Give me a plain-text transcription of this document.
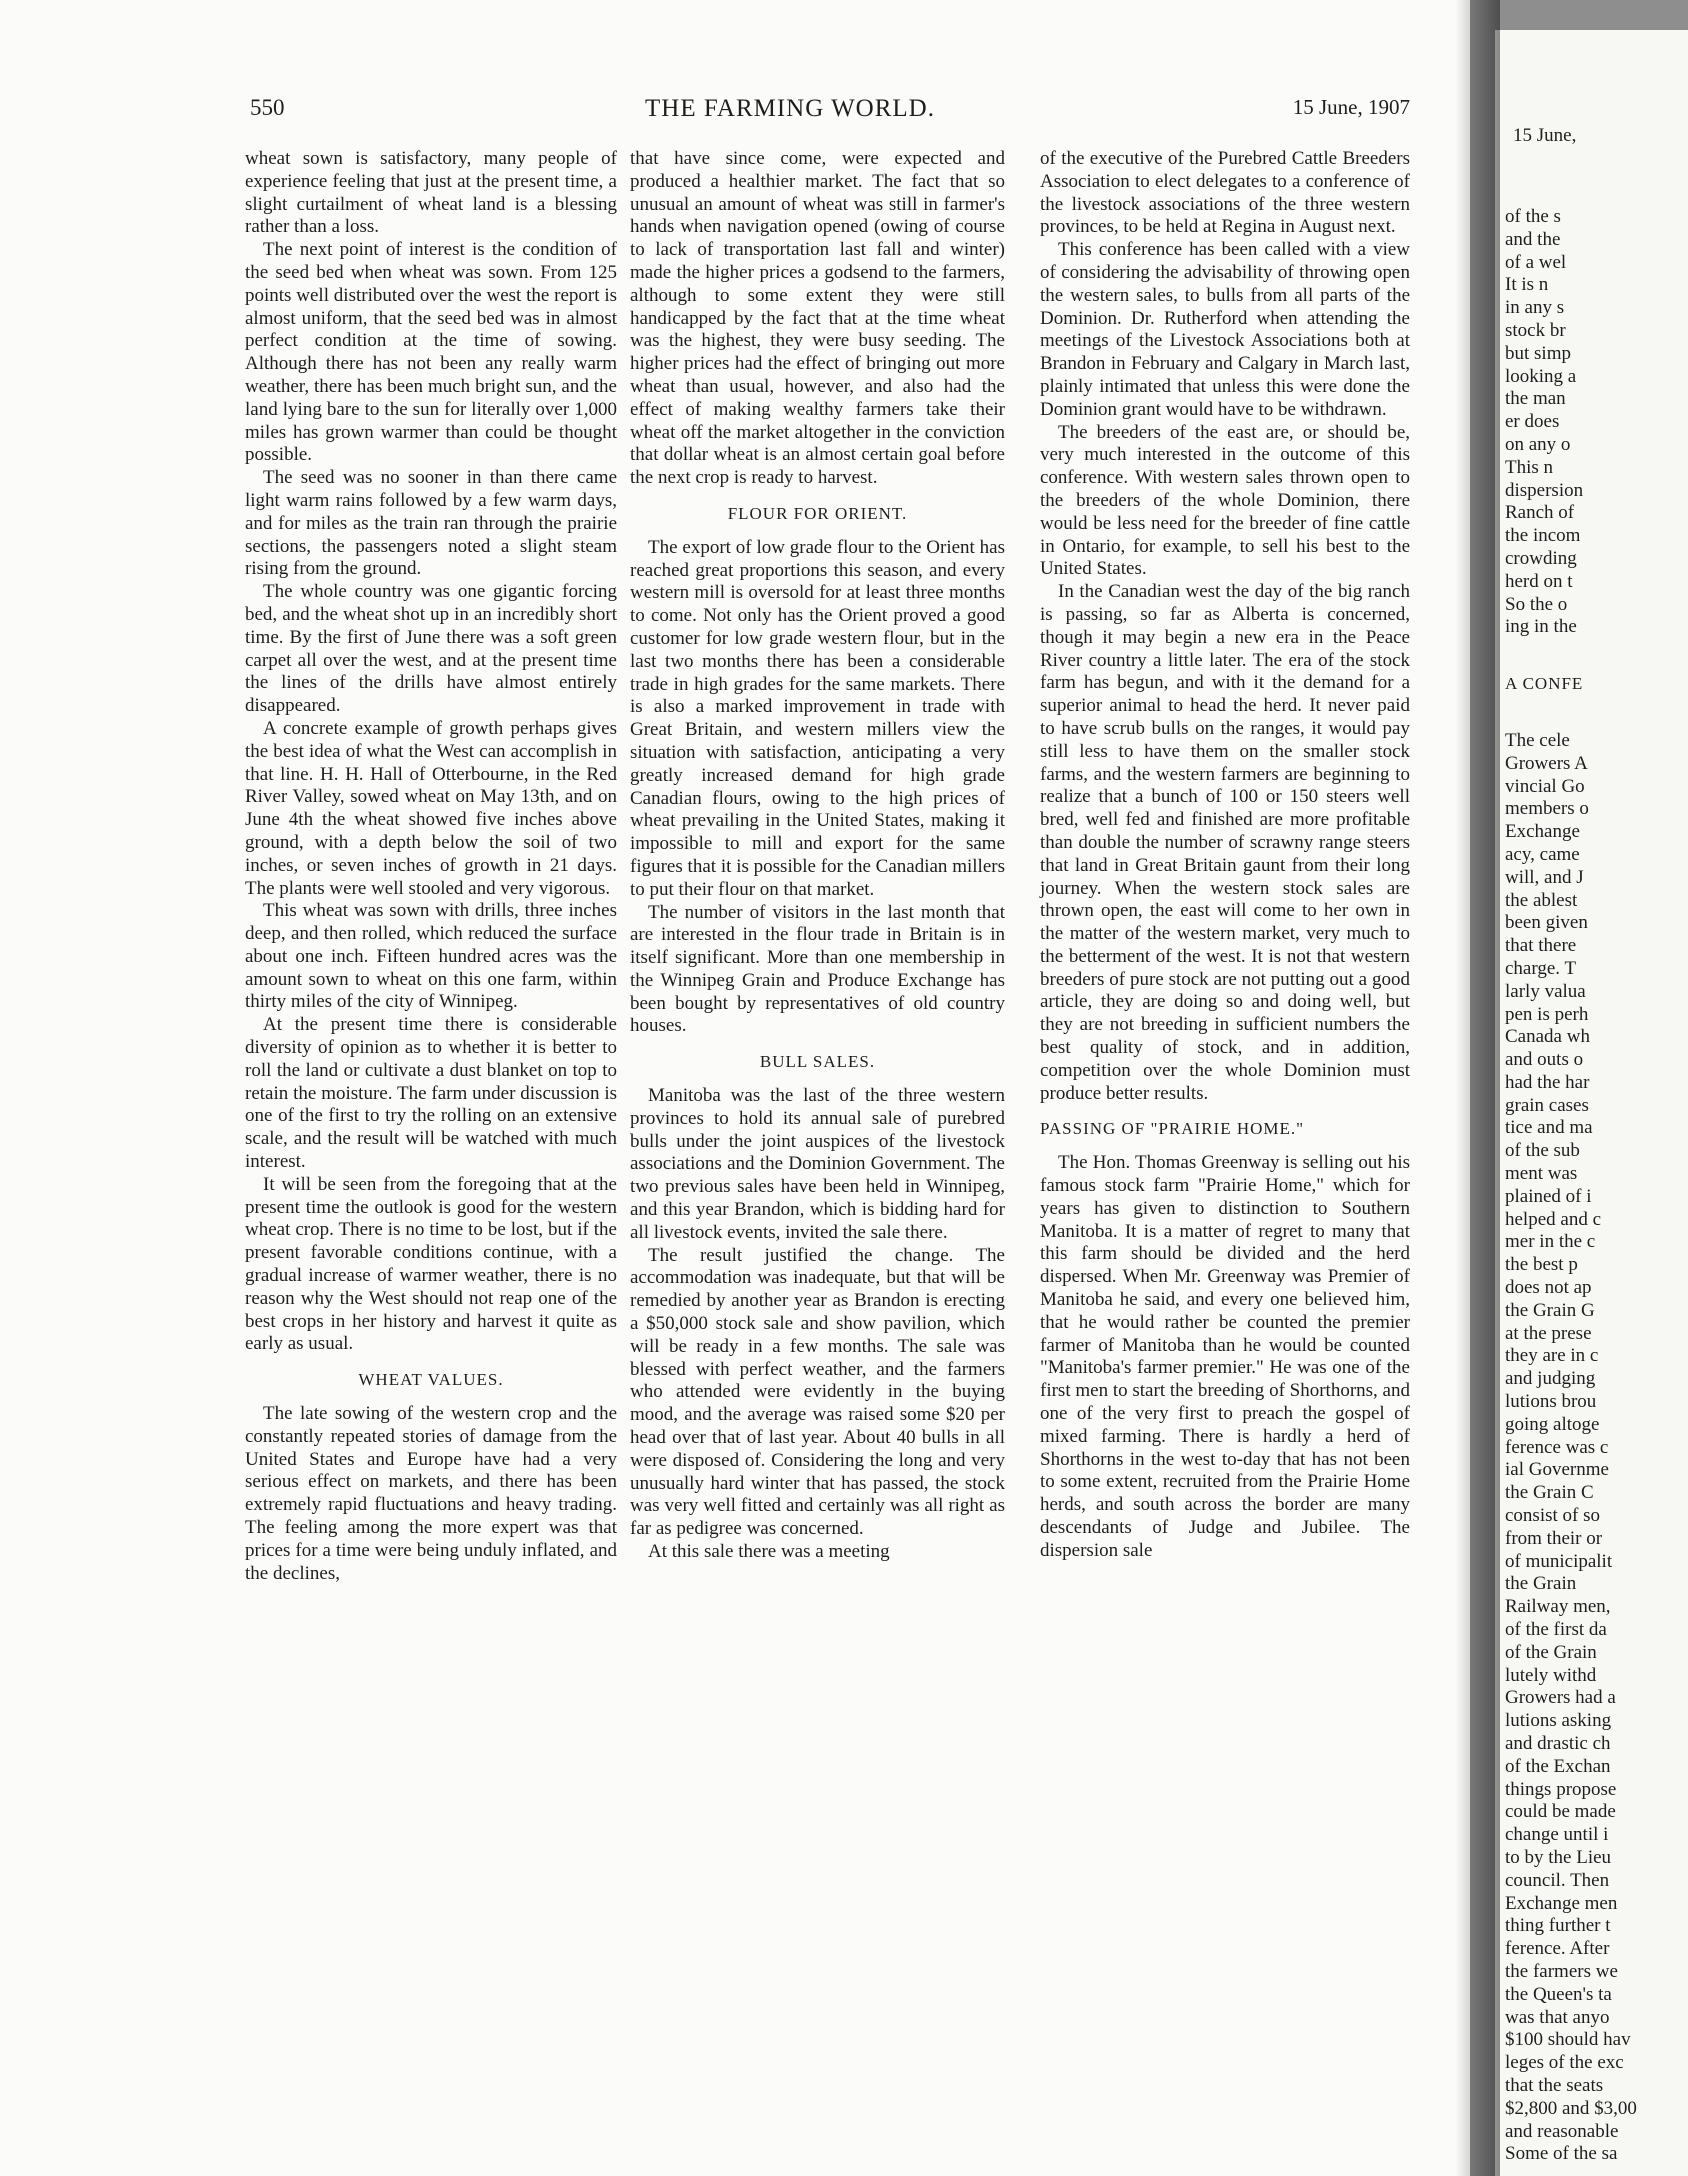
550	THE FARMING WORLD.	15 June, 1907

wheat sown is satisfactory, many people of experience feeling that just at the present time, a slight curtailment of wheat land is a blessing rather than a loss.

The next point of interest is the condition of the seed bed when wheat was sown. From 125 points well distributed over the west the report is almost uniform, that the seed bed was in almost perfect condition at the time of sowing. Although there has not been any really warm weather, there has been much bright sun, and the land lying bare to the sun for literally over 1,000 miles has grown warmer than could be thought possible.

The seed was no sooner in than there came light warm rains followed by a few warm days, and for miles as the train ran through the prairie sections, the passengers noted a slight steam rising from the ground.

The whole country was one gigantic forcing bed, and the wheat shot up in an incredibly short time. By the first of June there was a soft green carpet all over the west, and at the present time the lines of the drills have almost entirely disappeared.

A concrete example of growth perhaps gives the best idea of what the West can accomplish in that line. H. H. Hall of Otterbourne, in the Red River Valley, sowed wheat on May 13th, and on June 4th the wheat showed five inches above ground, with a depth below the soil of two inches, or seven inches of growth in 21 days. The plants were well stooled and very vigorous.

This wheat was sown with drills, three inches deep, and then rolled, which reduced the surface about one inch. Fifteen hundred acres was the amount sown to wheat on this one farm, within thirty miles of the city of Winnipeg.

At the present time there is considerable diversity of opinion as to whether it is better to roll the land or cultivate a dust blanket on top to retain the moisture. The farm under discussion is one of the first to try the rolling on an extensive scale, and the result will be watched with much interest.

It will be seen from the foregoing that at the present time the outlook is good for the western wheat crop. There is no time to be lost, but if the present favorable conditions continue, with a gradual increase of warmer weather, there is no reason why the West should not reap one of the best crops in her history and harvest it quite as early as usual.

WHEAT VALUES.

The late sowing of the western crop and the constantly repeated stories of damage from the United States and Europe have had a very serious effect on markets, and there has been extremely rapid fluctuations and heavy trading. The feeling among the more expert was that prices for a time were being unduly inflated, and the declines,

that have since come, were expected and produced a healthier market. The fact that so unusual an amount of wheat was still in farmer's hands when navigation opened (owing of course to lack of transportation last fall and winter) made the higher prices a godsend to the farmers, although to some extent they were still handicapped by the fact that at the time wheat was the highest, they were busy seeding. The higher prices had the effect of bringing out more wheat than usual, however, and also had the effect of making wealthy farmers take their wheat off the market altogether in the conviction that dollar wheat is an almost certain goal before the next crop is ready to harvest.

FLOUR FOR ORIENT.

The export of low grade flour to the Orient has reached great proportions this season, and every western mill is oversold for at least three months to come. Not only has the Orient proved a good customer for low grade western flour, but in the last two months there has been a considerable trade in high grades for the same markets. There is also a marked improvement in trade with Great Britain, and western millers view the situation with satisfaction, anticipating a very greatly increased demand for high grade Canadian flours, owing to the high prices of wheat prevailing in the United States, making it impossible to mill and export for the same figures that it is possible for the Canadian millers to put their flour on that market.

The number of visitors in the last month that are interested in the flour trade in Britain is in itself significant. More than one membership in the Winnipeg Grain and Produce Exchange has been bought by representatives of old country houses.

BULL SALES.

Manitoba was the last of the three western provinces to hold its annual sale of purebred bulls under the joint auspices of the livestock associations and the Dominion Government. The two previous sales have been held in Winnipeg, and this year Brandon, which is bidding hard for all livestock events, invited the sale there.

The result justified the change. The accommodation was inadequate, but that will be remedied by another year as Brandon is erecting a $50,000 stock sale and show pavilion, which will be ready in a few months. The sale was blessed with perfect weather, and the farmers who attended were evidently in the buying mood, and the average was raised some $20 per head over that of last year. About 40 bulls in all were disposed of. Considering the long and very unusually hard winter that has passed, the stock was very well fitted and certainly was all right as far as pedigree was concerned.

At this sale there was a meeting

of the executive of the Purebred Cattle Breeders Association to elect delegates to a conference of the livestock associations of the three western provinces, to be held at Regina in August next.

This conference has been called with a view of considering the advisability of throwing open the western sales, to bulls from all parts of the Dominion. Dr. Rutherford when attending the meetings of the Livestock Associations both at Brandon in February and Calgary in March last, plainly intimated that unless this were done the Dominion grant would have to be withdrawn.

The breeders of the east are, or should be, very much interested in the outcome of this conference. With western sales thrown open to the breeders of the whole Dominion, there would be less need for the breeder of fine cattle in Ontario, for example, to sell his best to the United States.

In the Canadian west the day of the big ranch is passing, so far as Alberta is concerned, though it may begin a new era in the Peace River country a little later. The era of the stock farm has begun, and with it the demand for a superior animal to head the herd. It never paid to have scrub bulls on the ranges, it would pay still less to have them on the smaller stock farms, and the western farmers are beginning to realize that a bunch of 100 or 150 steers well bred, well fed and finished are more profitable than double the number of scrawny range steers that land in Great Britain gaunt from their long journey. When the western stock sales are thrown open, the east will come to her own in the matter of the western market, very much to the betterment of the west. It is not that western breeders of pure stock are not putting out a good article, they are doing so and doing well, but they are not breeding in sufficient numbers the best quality of stock, and in addition, competition over the whole Dominion must produce better results.

PASSING OF "PRAIRIE HOME."

The Hon. Thomas Greenway is selling out his famous stock farm "Prairie Home," which for years has given to distinction to Southern Manitoba. It is a matter of regret to many that this farm should be divided and the herd dispersed. When Mr. Greenway was Premier of Manitoba he said, and every one believed him, that he would rather be counted the premier farmer of Manitoba than he would be counted "Manitoba's farmer premier." He was one of the first men to start the breeding of Shorthorns, and one of the very first to preach the gospel of mixed farming. There is hardly a herd of Shorthorns in the west to-day that has not been to some extent, recruited from the Prairie Home herds, and south across the border are many descendants of Judge and Jubilee. The dispersion sale

15 June,
of the s
and the
of a wel
It is n
in any s
stock br
but simp
looking a
the man
er does
on any o
This n
dispersion
Ranch of
the incom
crowding
herd on t
So the o
ing in the
A CONFE
The cele
Growers A
vincial Go
members o
Exchange
acy, came
will, and J
the ablest
been given
that there
charge. T
larly valua
pen is perh
Canada wh
and outs o
had the har
grain cases
tice and ma
of the sub
ment was
plained of i
helped and c
mer in the c
the best p
does not ap
the Grain G
at the prese
they are in c
and judging
lutions brou
going altoge
ference was c
ial Governme
the Grain C
consist of so
from their or
of municipalit
the Grain
Railway men,
of the first da
of the Grain
lutely withd
Growers had a
lutions asking
and drastic ch
of the Exchan
things propose
could be made
change until i
to by the Lieu
council. Then
Exchange men
thing further t
ference. After
the farmers we
the Queen's ta
was that anyo
$100 should hav
leges of the exc
that the seats
$2,800 and $3,00
and reasonable
Some of the sa
